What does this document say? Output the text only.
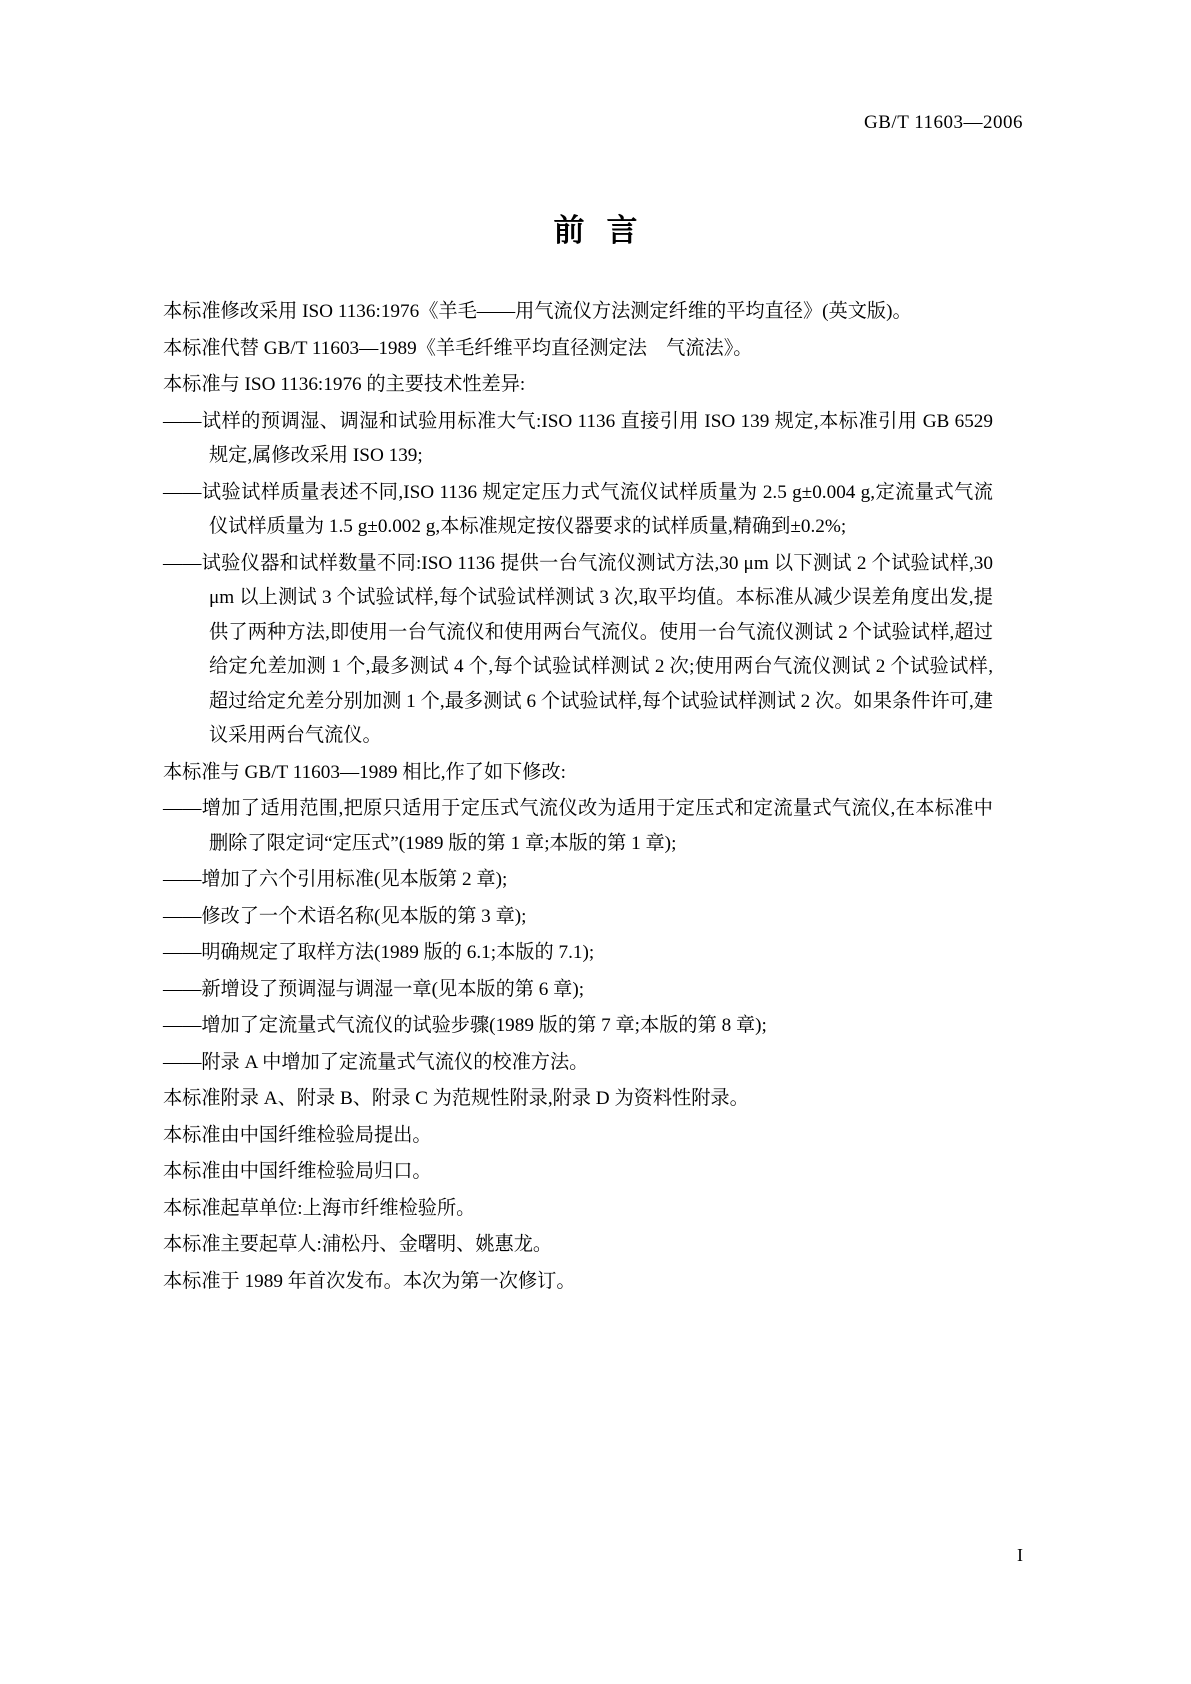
GB/T 11603—2006
前言

本标准修改采用 ISO 1136:1976《羊毛——用气流仪方法测定纤维的平均直径》(英文版)。

本标准代替 GB/T 11603—1989《羊毛纤维平均直径测定法　气流法》。

本标准与 ISO 1136:1976 的主要技术性差异:

——试样的预调湿、调湿和试验用标准大气:ISO 1136 直接引用 ISO 139 规定,本标准引用 GB 6529规定,属修改采用 ISO 139;

——试验试样质量表述不同,ISO 1136 规定定压力式气流仪试样质量为 2.5 g±0.004 g,定流量式气流仪试样质量为 1.5 g±0.002 g,本标准规定按仪器要求的试样质量,精确到±0.2%;

——试验仪器和试样数量不同:ISO 1136 提供一台气流仪测试方法,30 μm 以下测试 2 个试验试样,30 μm 以上测试 3 个试验试样,每个试验试样测试 3 次,取平均值。本标准从减少误差角度出发,提供了两种方法,即使用一台气流仪和使用两台气流仪。使用一台气流仪测试 2 个试验试样,超过给定允差加测 1 个,最多测试 4 个,每个试验试样测试 2 次;使用两台气流仪测试 2 个试验试样,超过给定允差分别加测 1 个,最多测试 6 个试验试样,每个试验试样测试 2 次。如果条件许可,建议采用两台气流仪。

本标准与 GB/T 11603—1989 相比,作了如下修改:

——增加了适用范围,把原只适用于定压式气流仪改为适用于定压式和定流量式气流仪,在本标准中删除了限定词“定压式”(1989 版的第 1 章;本版的第 1 章);

——增加了六个引用标准(见本版第 2 章);

——修改了一个术语名称(见本版的第 3 章);

——明确规定了取样方法(1989 版的 6.1;本版的 7.1);

——新增设了预调湿与调湿一章(见本版的第 6 章);

——增加了定流量式气流仪的试验步骤(1989 版的第 7 章;本版的第 8 章);

——附录 A 中增加了定流量式气流仪的校准方法。

本标准附录 A、附录 B、附录 C 为范规性附录,附录 D 为资料性附录。

本标准由中国纤维检验局提出。

本标准由中国纤维检验局归口。

本标准起草单位:上海市纤维检验所。

本标准主要起草人:浦松丹、金曙明、姚惠龙。

本标准于 1989 年首次发布。本次为第一次修订。

I
